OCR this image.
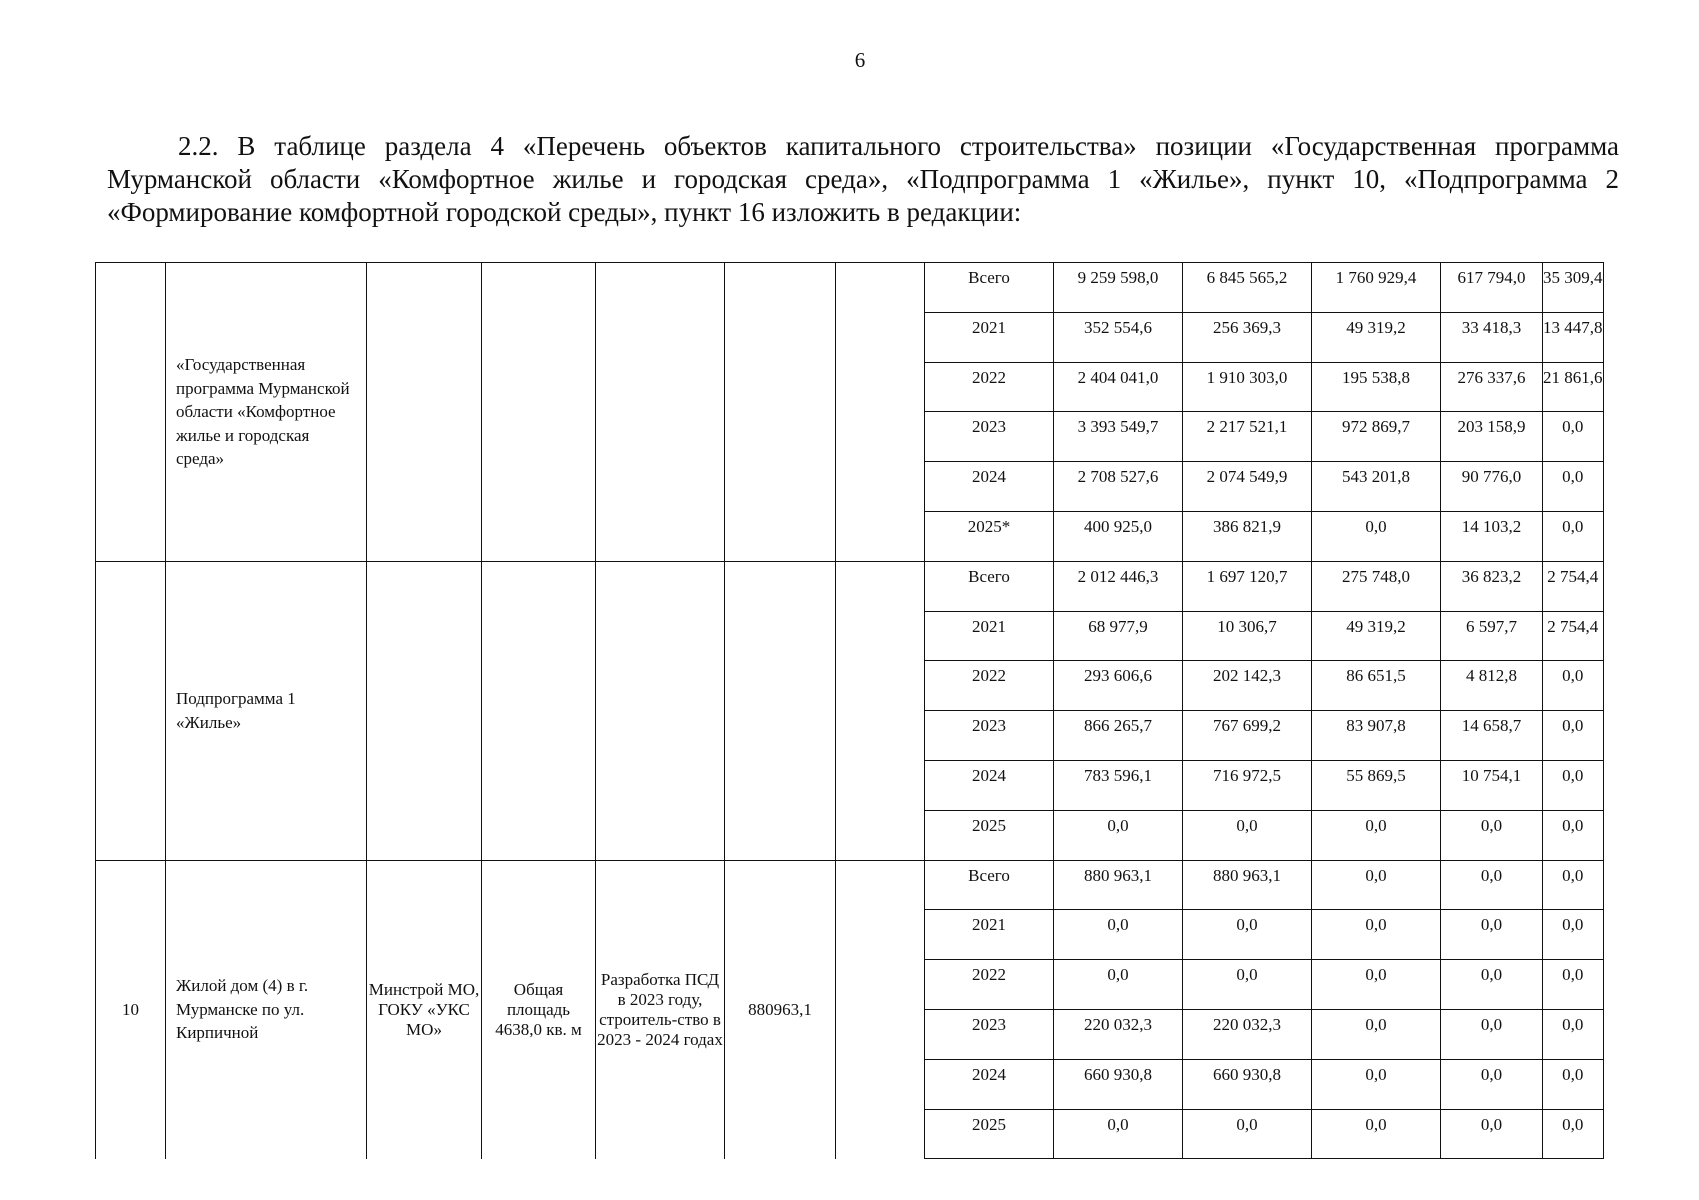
6

2.2. В таблице раздела 4 «Перечень объектов капитального строительства» позиции «Государственная программа Мурманской области «Комфортное жилье и городская среда», «Подпрограмма 1 «Жилье», пункт 10, «Подпрограмма 2 «Формирование комфортной городской среды», пункт 16 изложить в редакции:

	«Государственная программа Мурманской области «Комфортное жилье и городская среда»						Всего	9 259 598,0	6 845 565,2	1 760 929,4	617 794,0	35 309,4
							2021	352 554,6	256 369,3	49 319,2	33 418,3	13 447,8
							2022	2 404 041,0	1 910 303,0	195 538,8	276 337,6	21 861,6
							2023	3 393 549,7	2 217 521,1	972 869,7	203 158,9	0,0
							2024	2 708 527,6	2 074 549,9	543 201,8	90 776,0	0,0
							2025*	400 925,0	386 821,9	0,0	14 103,2	0,0
	Подпрограмма 1 «Жилье»						Всего	2 012 446,3	1 697 120,7	275 748,0	36 823,2	2 754,4
							2021	68 977,9	10 306,7	49 319,2	6 597,7	2 754,4
							2022	293 606,6	202 142,3	86 651,5	4 812,8	0,0
							2023	866 265,7	767 699,2	83 907,8	14 658,7	0,0
							2024	783 596,1	716 972,5	55 869,5	10 754,1	0,0
							2025	0,0	0,0	0,0	0,0	0,0
10	Жилой дом (4) в г. Мурманске по ул. Кирпичной	Минстрой МО, ГОКУ «УКС МО»	Общая площадь 4638,0 кв. м	Разработка ПСД в 2023 году, строитель-ство в 2023 - 2024 годах	880963,1		Всего	880 963,1	880 963,1	0,0	0,0	0,0
							2021	0,0	0,0	0,0	0,0	0,0
							2022	0,0	0,0	0,0	0,0	0,0
							2023	220 032,3	220 032,3	0,0	0,0	0,0
							2024	660 930,8	660 930,8	0,0	0,0	0,0
							2025	0,0	0,0	0,0	0,0	0,0
